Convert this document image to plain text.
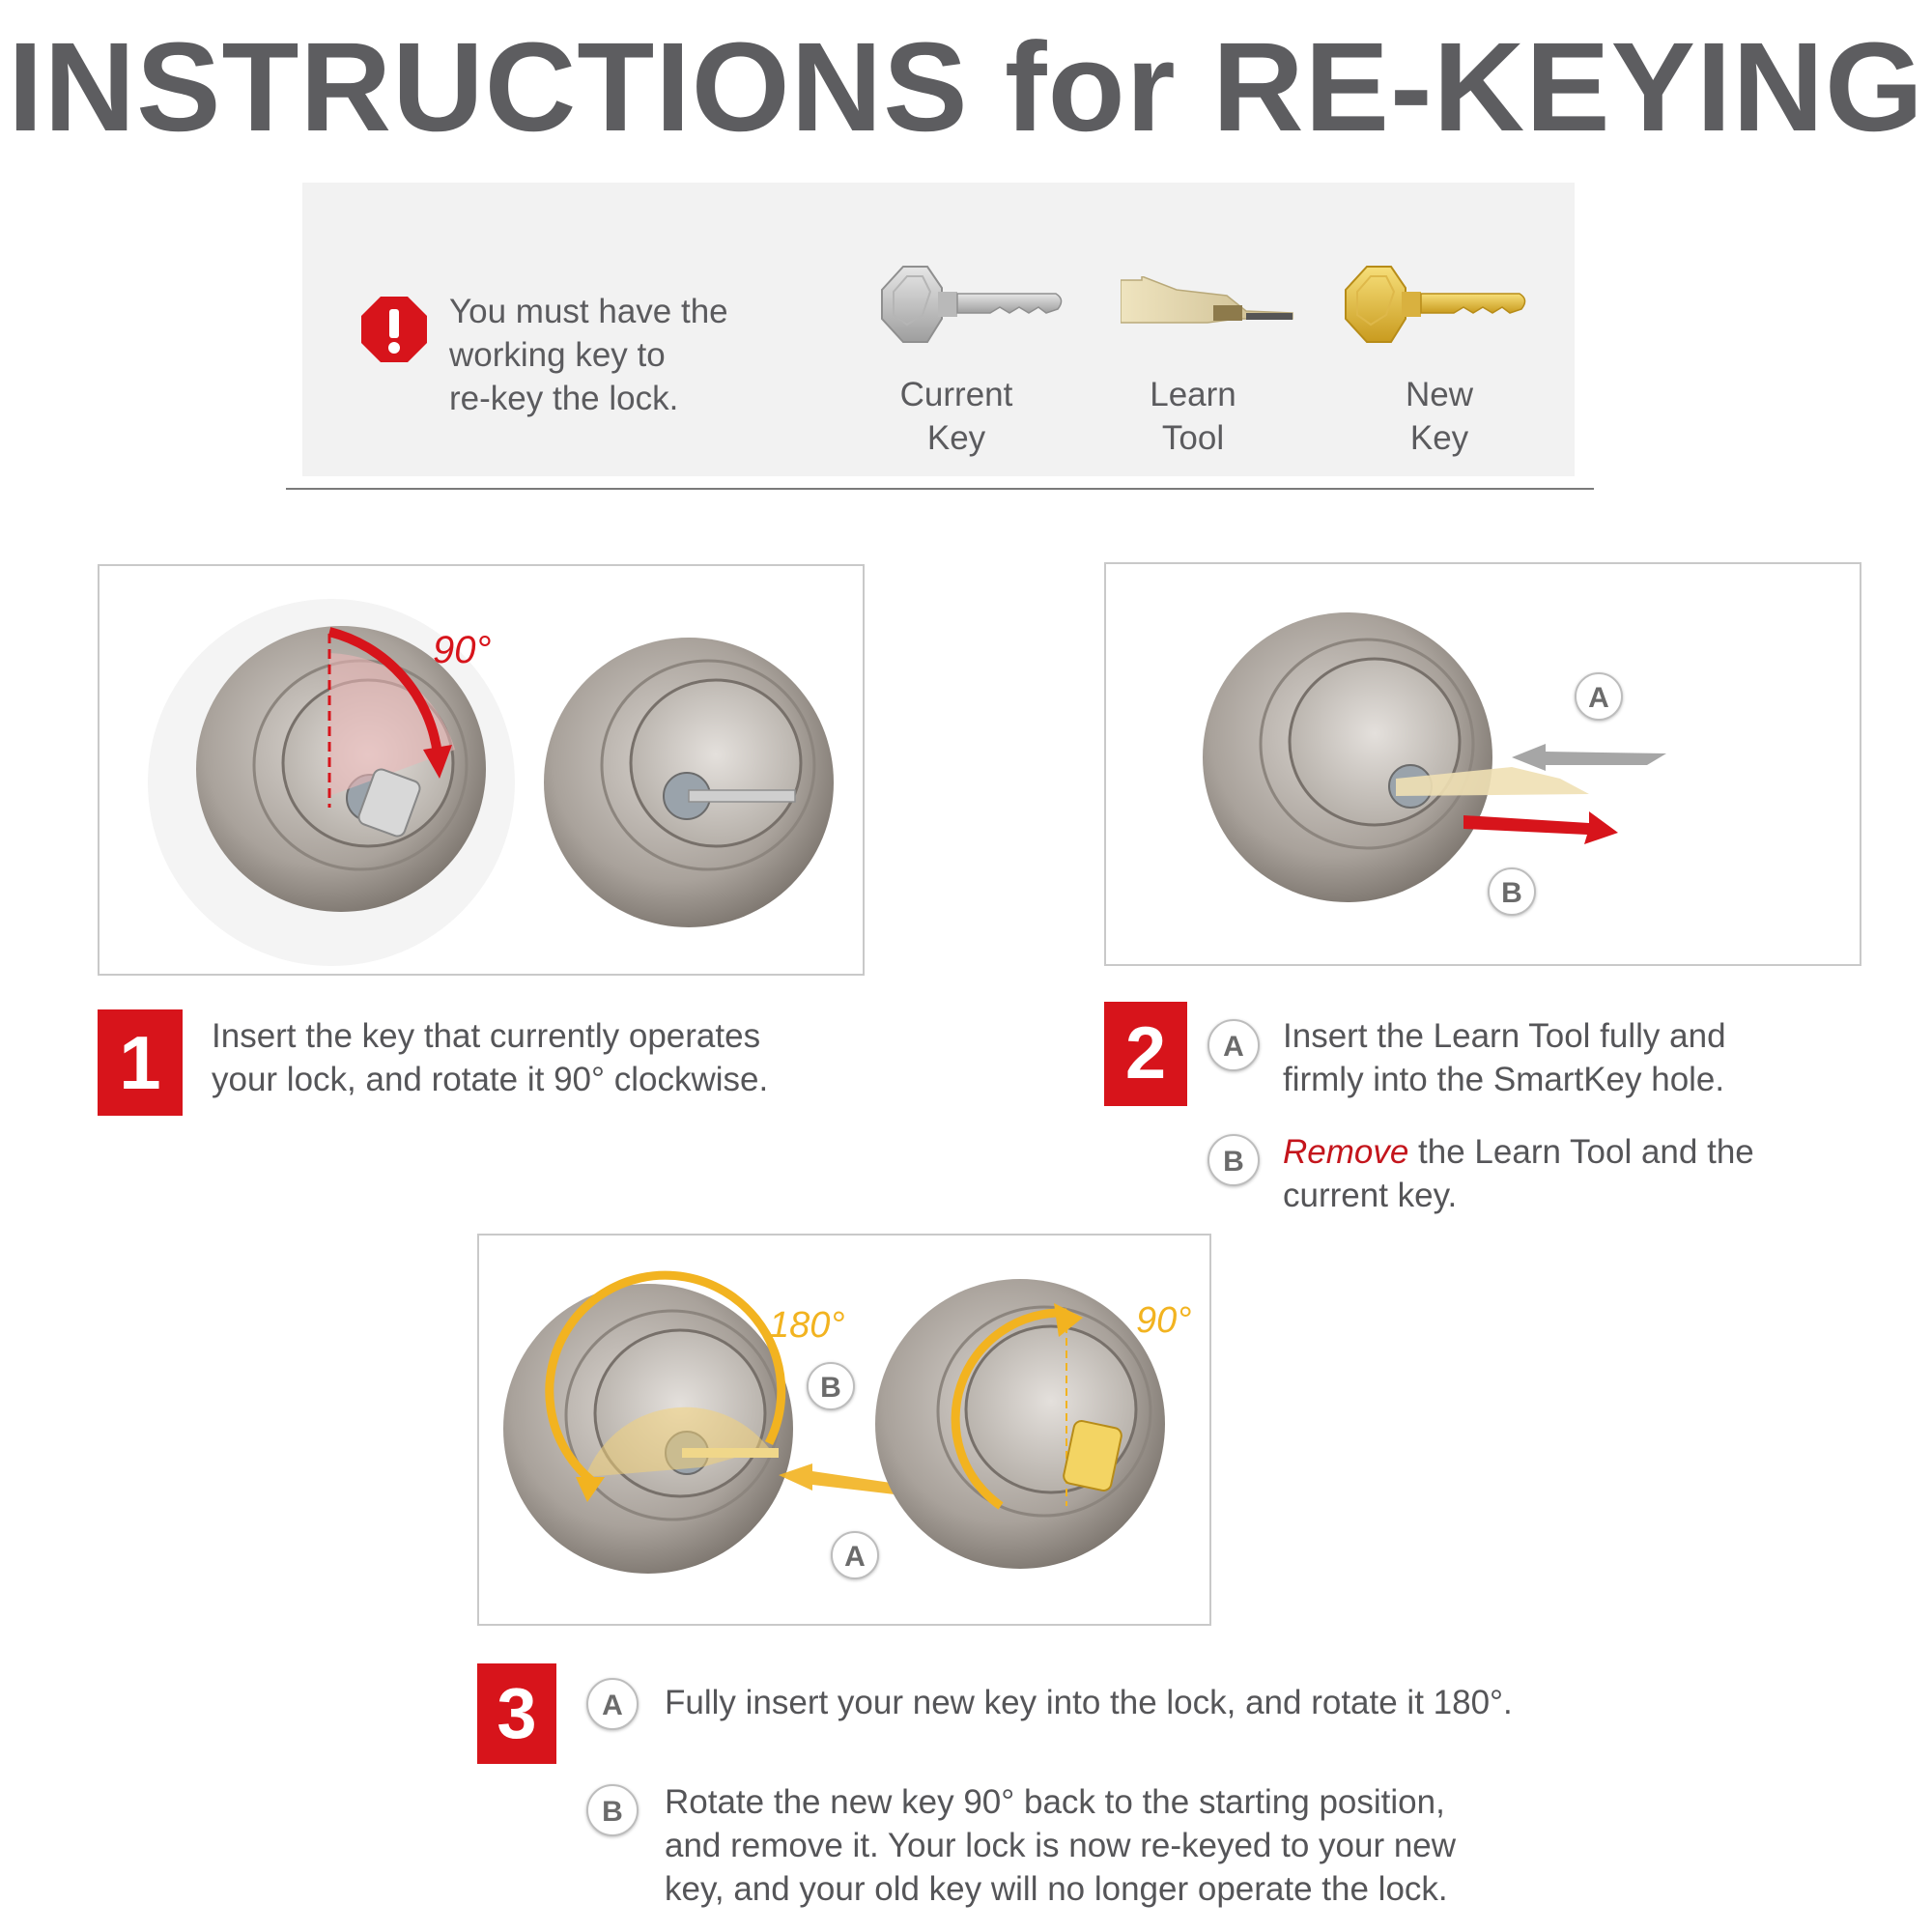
INSTRUCTIONS for RE-KEYING
You must have the
working key to
re-key the lock.	Current
Key
Learn
Tool
New
Key
90°
1	Insert the key that currently operates
your lock, and rotate it 90° clockwise.
A
B
2	A	Insert the Learn Tool fully and
firmly into the SmartKey hole.
B	Remove the Learn Tool and the
current key.
180°	90°
B
A
3	A	Fully insert your new key into the lock, and rotate it 180°.
B	Rotate the new key 90° back to the starting position,
and remove it. Your lock is now re-keyed to your new
key, and your old key will no longer operate the lock.
